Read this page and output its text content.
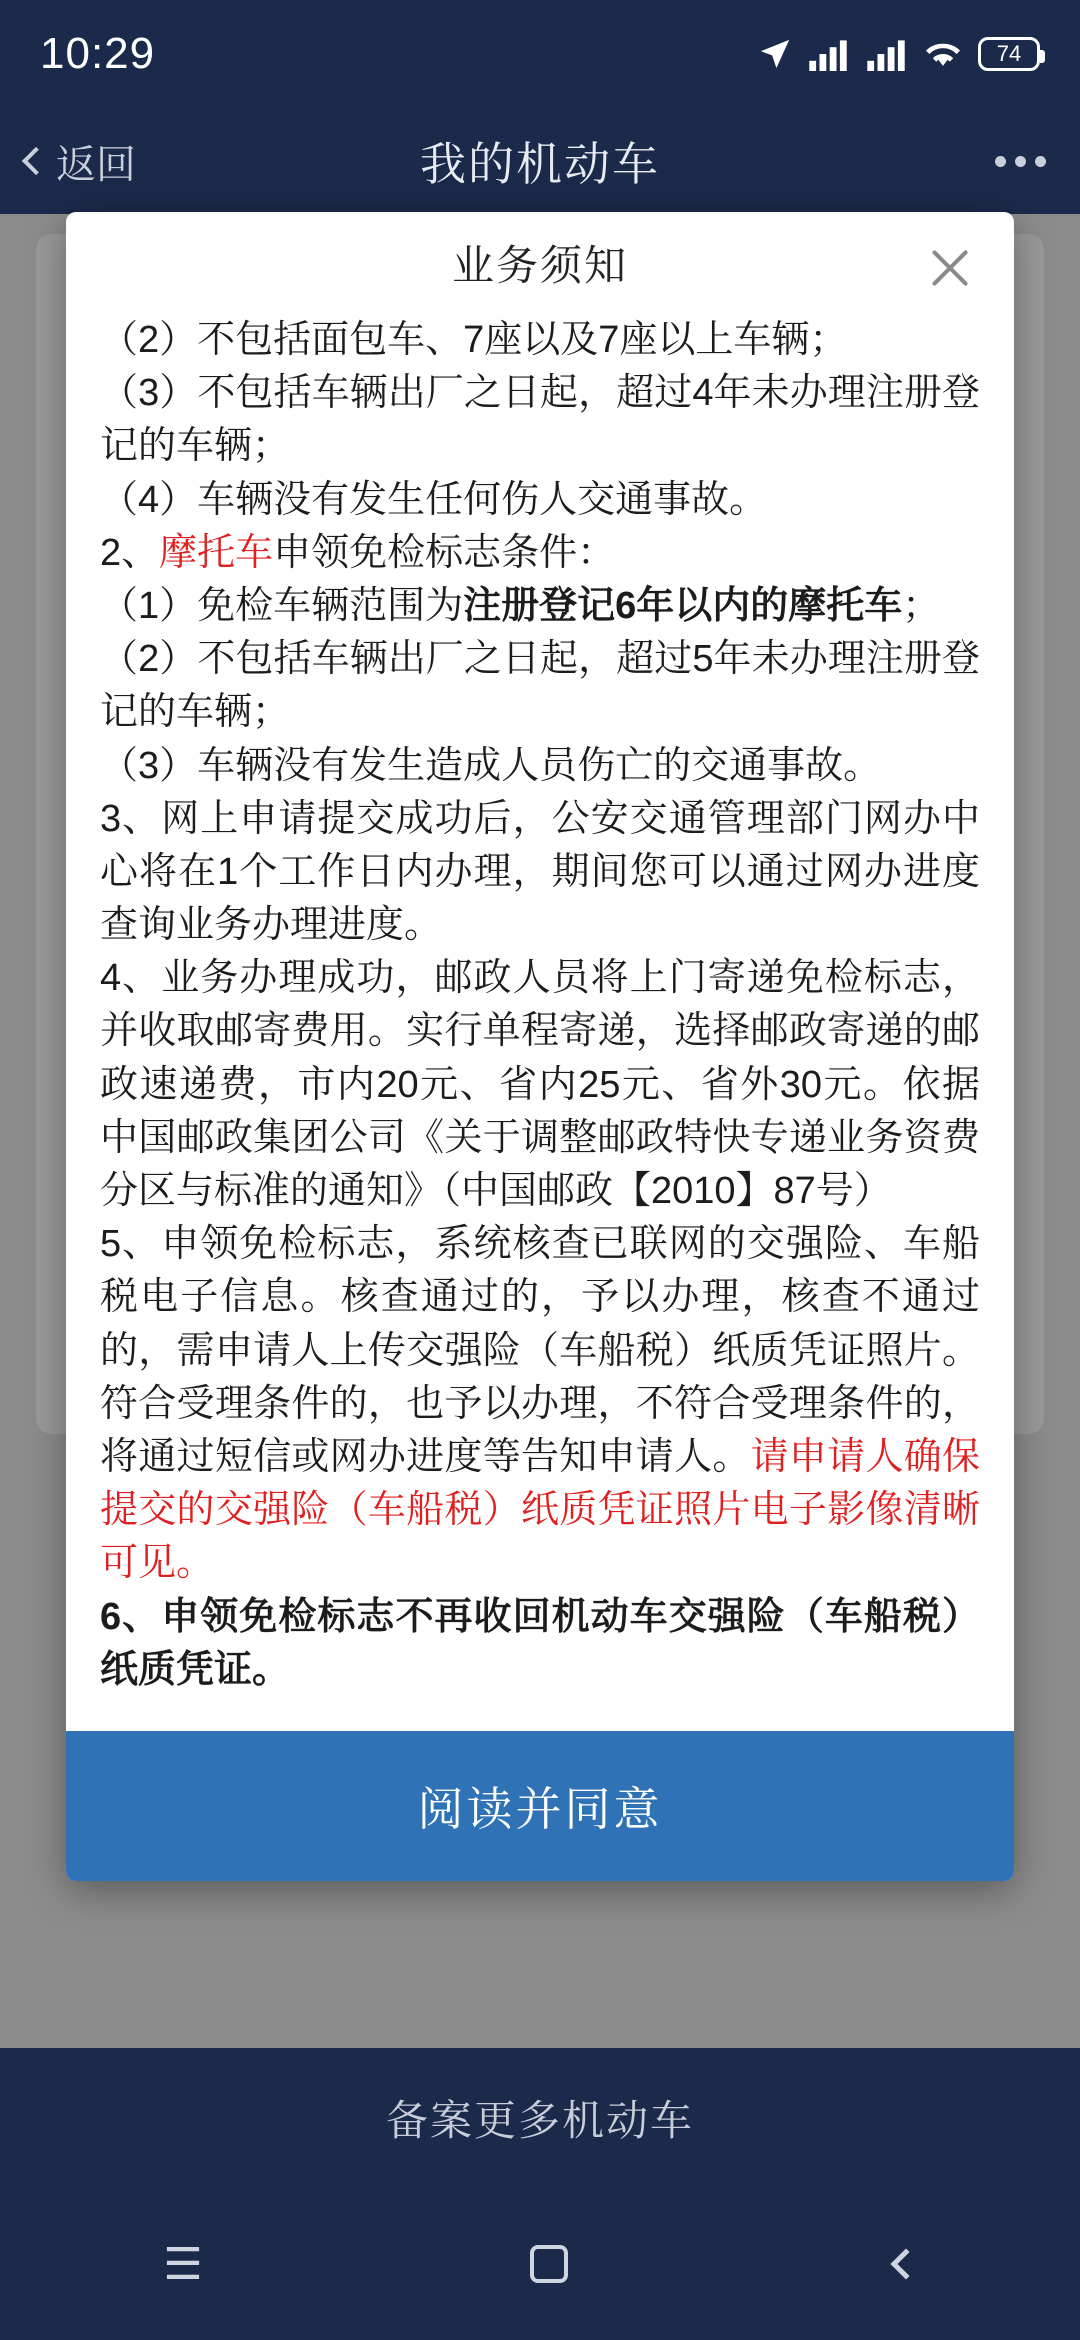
10:29	74
返回	我的机动车
备案更多机动车
☰
业务须知

（2）不包括面包车、7座以及7座以上车辆；

（3）不包括车辆出厂之日起，超过4年未办理注册登记的车辆；

（4）车辆没有发生任何伤人交通事故。

2、摩托车申领免检标志条件：

（1）免检车辆范围为注册登记6年以内的摩托车；

（2）不包括车辆出厂之日起，超过5年未办理注册登记的车辆；

（3）车辆没有发生造成人员伤亡的交通事故。

3、网上申请提交成功后，公安交通管理部门网办中心将在1个工作日内办理，期间您可以通过网办进度查询业务办理进度。

4、业务办理成功，邮政人员将上门寄递免检标志，并收取邮寄费用。实行单程寄递，选择邮政寄递的邮政速递费，市内20元、省内25元、省外30元。依据中国邮政集团公司《关于调整邮政特快专递业务资费分区与标准的通知》（中国邮政【2010】87号）

5、申领免检标志，系统核查已联网的交强险、车船税电子信息。核查通过的，予以办理，核查不通过的，需申请人上传交强险（车船税）纸质凭证照片。符合受理条件的，也予以办理，不符合受理条件的，将通过短信或网办进度等告知申请人。请申请人确保提交的交强险（车船税）纸质凭证照片电子影像清晰可见。

6、申领免检标志不再收回机动车交强险（车船税）纸质凭证。

阅读并同意
